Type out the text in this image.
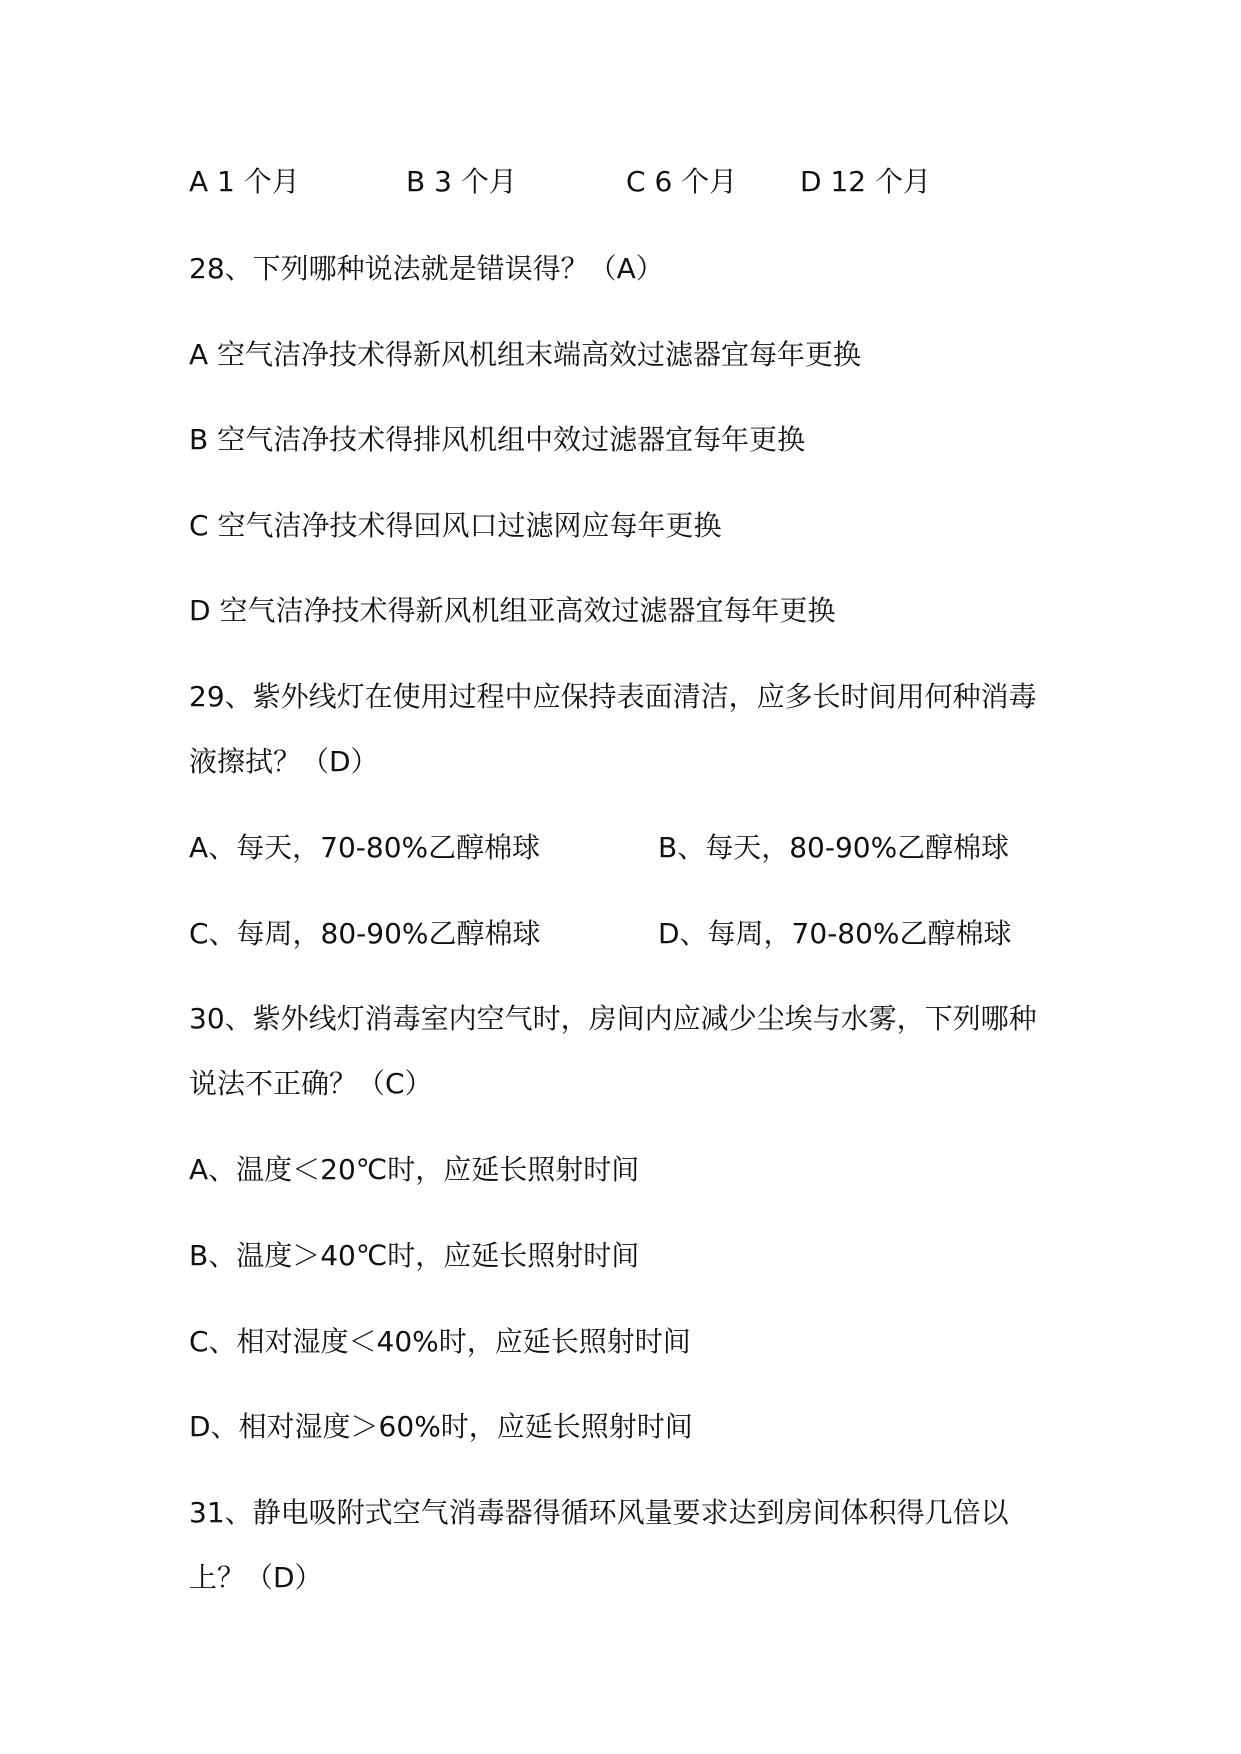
A 1 个月	B 3 个月	C 6 个月 D 12 个月
28、下列哪种说法就是错误得？（A）
A 空气洁净技术得新风机组末端高效过滤器宜每年更换
B 空气洁净技术得排风机组中效过滤器宜每年更换
C 空气洁净技术得回风口过滤网应每年更换
D 空气洁净技术得新风机组亚高效过滤器宜每年更换
29、紫外线灯在使用过程中应保持表面清洁，应多长时间用何种消毒
液擦拭？（D）
A、每天，70-80%乙醇棉球	B、每天，80-90%乙醇棉球
C、每周，80-90%乙醇棉球	D、每周，70-80%乙醇棉球
30、紫外线灯消毒室内空气时，房间内应减少尘埃与水雾，下列哪种
说法不正确？（C）
A、温度＜20℃时，应延长照射时间
B、温度＞40℃时，应延长照射时间
C、相对湿度＜40%时，应延长照射时间
D、相对湿度＞60%时，应延长照射时间
31、静电吸附式空气消毒器得循环风量要求达到房间体积得几倍以
上？（D）
